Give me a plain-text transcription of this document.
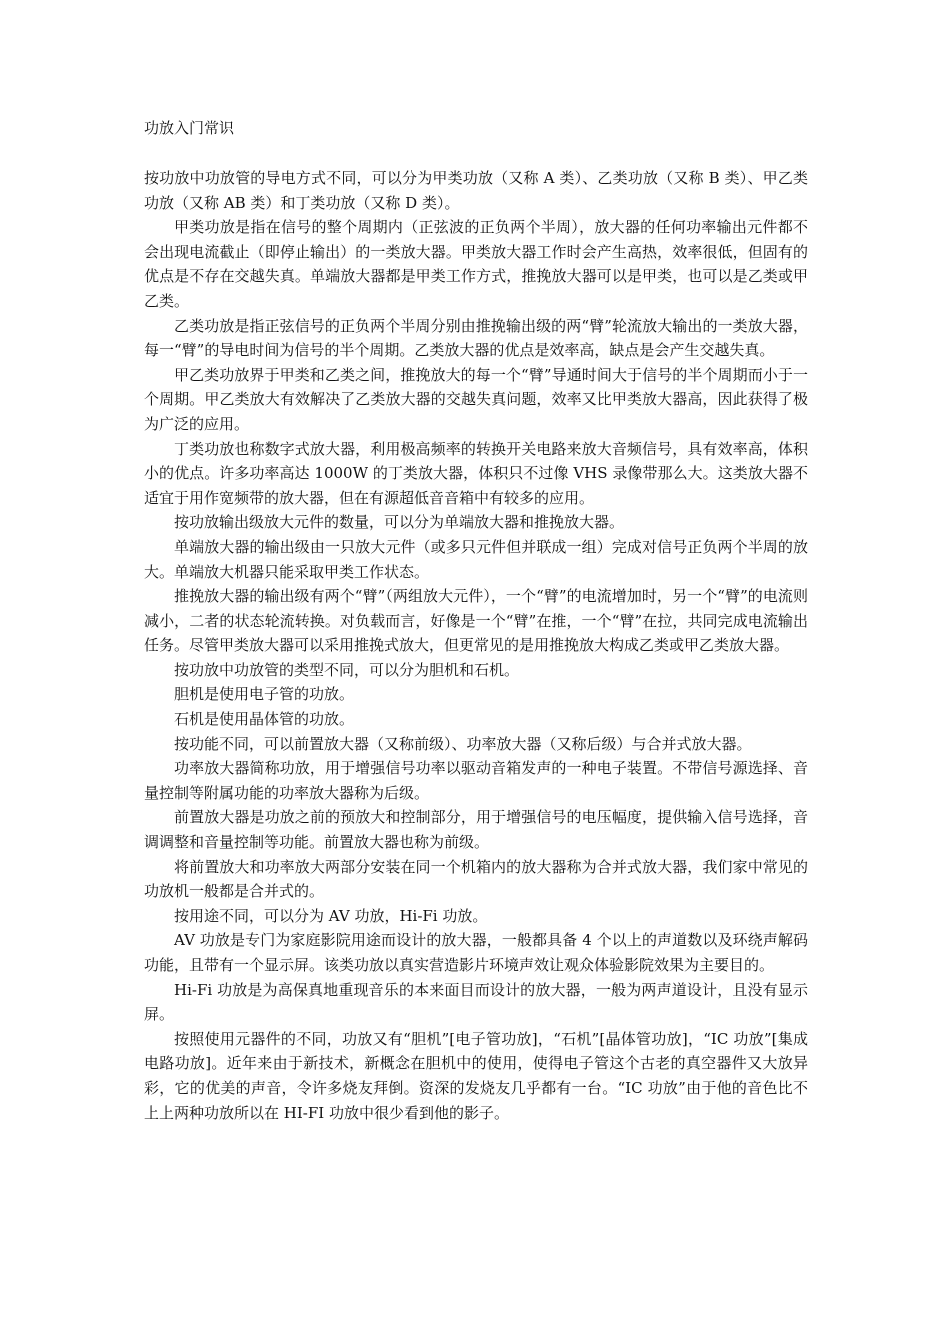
功放入门常识

按功放中功放管的导电方式不同，可以分为甲类功放（又称 A 类）、乙类功放（又称 B 类）、甲乙类功放（又称 AB 类）和丁类功放（又称 D 类）。

甲类功放是指在信号的整个周期内（正弦波的正负两个半周），放大器的任何功率输出元件都不会出现电流截止（即停止输出）的一类放大器。甲类放大器工作时会产生高热，效率很低，但固有的优点是不存在交越失真。单端放大器都是甲类工作方式，推挽放大器可以是甲类，也可以是乙类或甲乙类。

乙类功放是指正弦信号的正负两个半周分别由推挽输出级的两“臂”轮流放大输出的一类放大器，每一“臂”的导电时间为信号的半个周期。乙类放大器的优点是效率高，缺点是会产生交越失真。

甲乙类功放界于甲类和乙类之间，推挽放大的每一个“臂”导通时间大于信号的半个周期而小于一个周期。甲乙类放大有效解决了乙类放大器的交越失真问题，效率又比甲类放大器高，因此获得了极为广泛的应用。

丁类功放也称数字式放大器，利用极高频率的转换开关电路来放大音频信号，具有效率高，体积小的优点。许多功率高达 1000W 的丁类放大器，体积只不过像 VHS 录像带那么大。这类放大器不适宜于用作宽频带的放大器，但在有源超低音音箱中有较多的应用。

按功放输出级放大元件的数量，可以分为单端放大器和推挽放大器。

单端放大器的输出级由一只放大元件（或多只元件但并联成一组）完成对信号正负两个半周的放大。单端放大机器只能采取甲类工作状态。

推挽放大器的输出级有两个“臂”（两组放大元件），一个“臂”的电流增加时，另一个“臂”的电流则减小，二者的状态轮流转换。对负载而言，好像是一个“臂”在推，一个“臂”在拉，共同完成电流输出任务。尽管甲类放大器可以采用推挽式放大，但更常见的是用推挽放大构成乙类或甲乙类放大器。

按功放中功放管的类型不同，可以分为胆机和石机。

胆机是使用电子管的功放。

石机是使用晶体管的功放。

按功能不同，可以前置放大器（又称前级）、功率放大器（又称后级）与合并式放大器。

功率放大器简称功放，用于增强信号功率以驱动音箱发声的一种电子装置。不带信号源选择、音量控制等附属功能的功率放大器称为后级。

前置放大器是功放之前的预放大和控制部分，用于增强信号的电压幅度，提供输入信号选择，音调调整和音量控制等功能。前置放大器也称为前级。

将前置放大和功率放大两部分安装在同一个机箱内的放大器称为合并式放大器，我们家中常见的功放机一般都是合并式的。

按用途不同，可以分为 AV 功放，Hi-Fi 功放。

AV 功放是专门为家庭影院用途而设计的放大器，一般都具备 4 个以上的声道数以及环绕声解码功能，且带有一个显示屏。该类功放以真实营造影片环境声效让观众体验影院效果为主要目的。

Hi-Fi 功放是为高保真地重现音乐的本来面目而设计的放大器，一般为两声道设计，且没有显示屏。

按照使用元器件的不同，功放又有“胆机”[电子管功放]，“石机”[晶体管功放]，“IC 功放”[集成电路功放]。近年来由于新技术，新概念在胆机中的使用，使得电子管这个古老的真空器件又大放异彩，它的优美的声音，令许多烧友拜倒。资深的发烧友几乎都有一台。“IC 功放”由于他的音色比不上上两种功放所以在 HI-FI 功放中很少看到他的影子。
